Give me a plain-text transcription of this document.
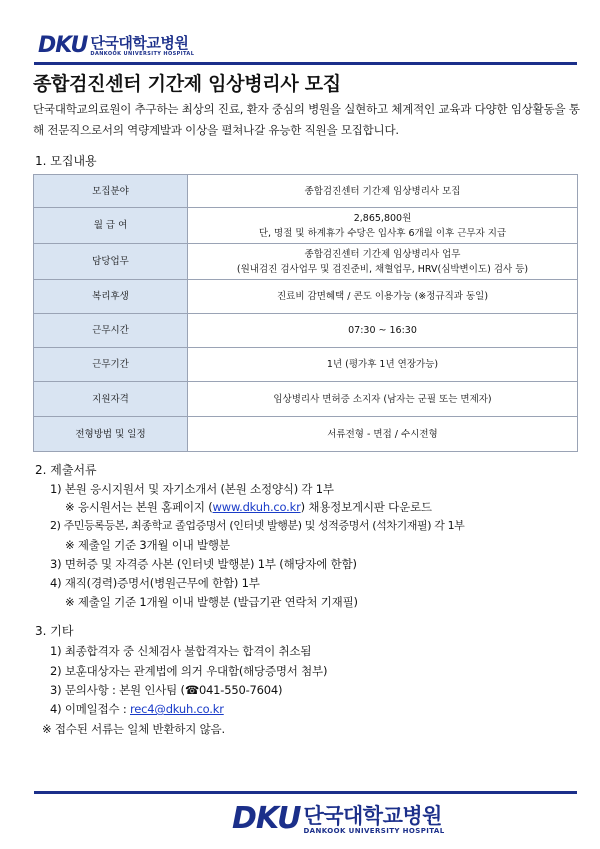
DKU 단국대학교병원
DANKOOK UNIVERSITY HOSPITAL
종합검진센터 기간제 임상병리사 모집
단국대학교의료원이 추구하는 최상의 진료, 환자 중심의 병원을 실현하고 체계적인 교육과 다양한 임상활동을 통해 전문직으로서의 역량계발과 이상을 펼쳐나갈 유능한 직원을 모집합니다.
1. 모집내용
모집분야	종합검진센터 기간제 임상병리사 모집

월 급 여	2,865,800원
단, 명절 및 하계휴가 수당은 입사후 6개월 이후 근무자 지급

담당업무	종합검진센터 기간제 임상병리사 업무
(원내검진 검사업무 및 검진준비, 채혈업무, HRV(심박변이도) 검사 등)

복리후생	진료비 감면혜택 / 콘도 이용가능 (※정규직과 동일)

근무시간	07:30 ~ 16:30

근무기간	1년 (평가후 1년 연장가능)

지원자격	임상병리사 면허증 소지자 (남자는 군필 또는 면제자)

전형방법 및 일정	서류전형 - 면접 / 수시전형
2. 제출서류
1) 본원 응시지원서 및 자기소개서 (본원 소정양식) 각 1부
※ 응시원서는 본원 홈페이지 (www.dkuh.co.kr) 채용정보게시판 다운로드
2) 주민등록등본, 최종학교 졸업증명서 (인터넷 발행분) 및 성적증명서 (석차기재필) 각 1부
※ 제출일 기준 3개월 이내 발행분
3) 면허증 및 자격증 사본 (인터넷 발행분) 1부 (해당자에 한함)
4) 재직(경력)증명서(병원근무에 한함) 1부
※ 제출일 기준 1개월 이내 발행분 (발급기관 연락처 기재필)
3. 기타
1) 최종합격자 중 신체검사 불합격자는 합격이 취소됨
2) 보훈대상자는 관계법에 의거 우대함(해당증명서 첨부)
3) 문의사항 : 본원 인사팀 (☎041-550-7604)
4) 이메일접수 : rec4@dkuh.co.kr
※ 접수된 서류는 일체 반환하지 않음.
DKU 단국대학교병원
DANKOOK UNIVERSITY HOSPITAL
